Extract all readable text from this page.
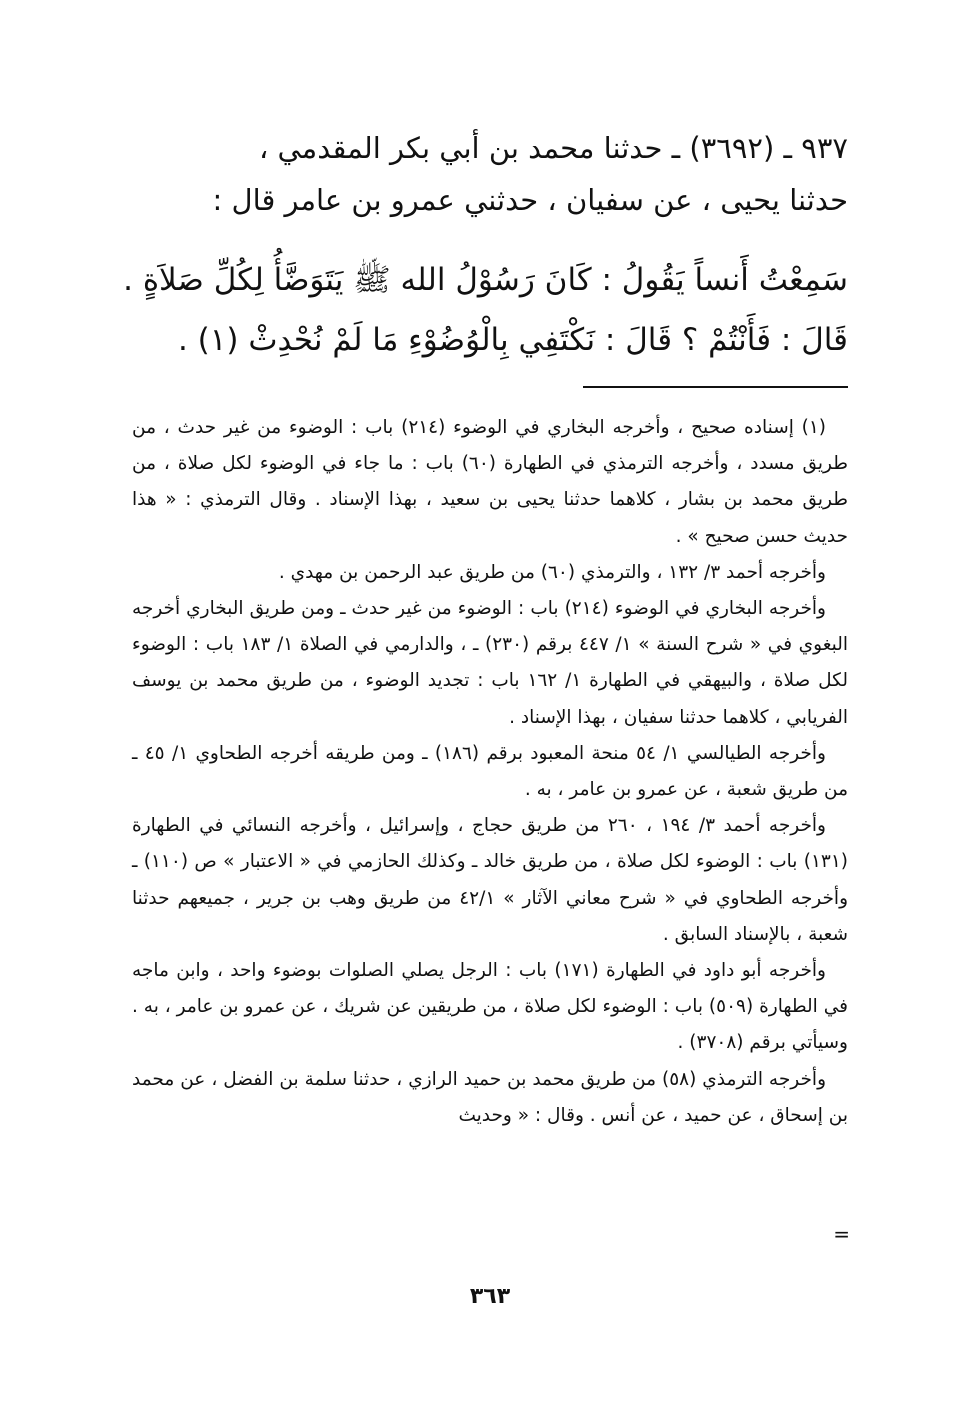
٩٣٧ ـ (٣٦٩٢) ـ حدثنا محمد بن أبي بكر المقدمي ،
حدثنا يحيى ، عن سفيان ، حدثني عمرو بن عامر قال :
سَمِعْتُ أَنساً يَقُولُ : كَانَ رَسُوْلُ الله ﷺ يَتَوَضَّأُ لِكُلِّ صَلاَةٍ .
قَالَ : فَأَنْتُمْ ؟ قَالَ : نَكْتَفِي بِالْوُضُوْءِ مَا لَمْ نُحْدِثْ (١) .

(١) إسناده صحيح ، وأخرجه البخاري في الوضوء (٢١٤) باب : الوضوء من غير حدث ، من طريق مسدد ، وأخرجه الترمذي في الطهارة (٦٠) باب : ما جاء في الوضوء لكل صلاة ، من طريق محمد بن بشار ، كلاهما حدثنا يحيى بن سعيد ، بهذا الإسناد . وقال الترمذي : « هذا حديث حسن صحيح » .

وأخرجه أحمد ٣/ ١٣٢ ، والترمذي (٦٠) من طريق عبد الرحمن بن مهدي .

وأخرجه البخاري في الوضوء (٢١٤) باب : الوضوء من غير حدث ـ ومن طريق البخاري أخرجه البغوي في « شرح السنة » ١/ ٤٤٧ برقم (٢٣٠) ـ ، والدارمي في الصلاة ١/ ١٨٣ باب : الوضوء لكل صلاة ، والبيهقي في الطهارة ١/ ١٦٢ باب : تجديد الوضوء ، من طريق محمد بن يوسف الفريابي ، كلاهما حدثنا سفيان ، بهذا الإسناد .

وأخرجه الطيالسي ١/ ٥٤ منحة المعبود برقم (١٨٦) ـ ومن طريقه أخرجه الطحاوي ١/ ٤٥ ـ من طريق شعبة ، عن عمرو بن عامر ، به .

وأخرجه أحمد ٣/ ١٩٤ ، ٢٦٠ من طريق حجاج ، وإسرائيل ، وأخرجه النسائي في الطهارة (١٣١) باب : الوضوء لكل صلاة ، من طريق خالد ـ وكذلك الحازمي في « الاعتبار » ص (١١٠) ـ وأخرجه الطحاوي في « شرح معاني الآثار » ٤٢/١ من طريق وهب بن جرير ، جميعهم حدثنا شعبة ، بالإسناد السابق .

وأخرجه أبو داود في الطهارة (١٧١) باب : الرجل يصلي الصلوات بوضوء واحد ، وابن ماجه في الطهارة (٥٠٩) باب : الوضوء لكل صلاة ، من طريقين عن شريك ، عن عمرو بن عامر ، به . وسيأتي برقم (٣٧٠٨) .

وأخرجه الترمذي (٥٨) من طريق محمد بن حميد الرازي ، حدثنا سلمة بن الفضل ، عن محمد بن إسحاق ، عن حميد ، عن أنس . وقال : « وحديث

=
٣٦٣
